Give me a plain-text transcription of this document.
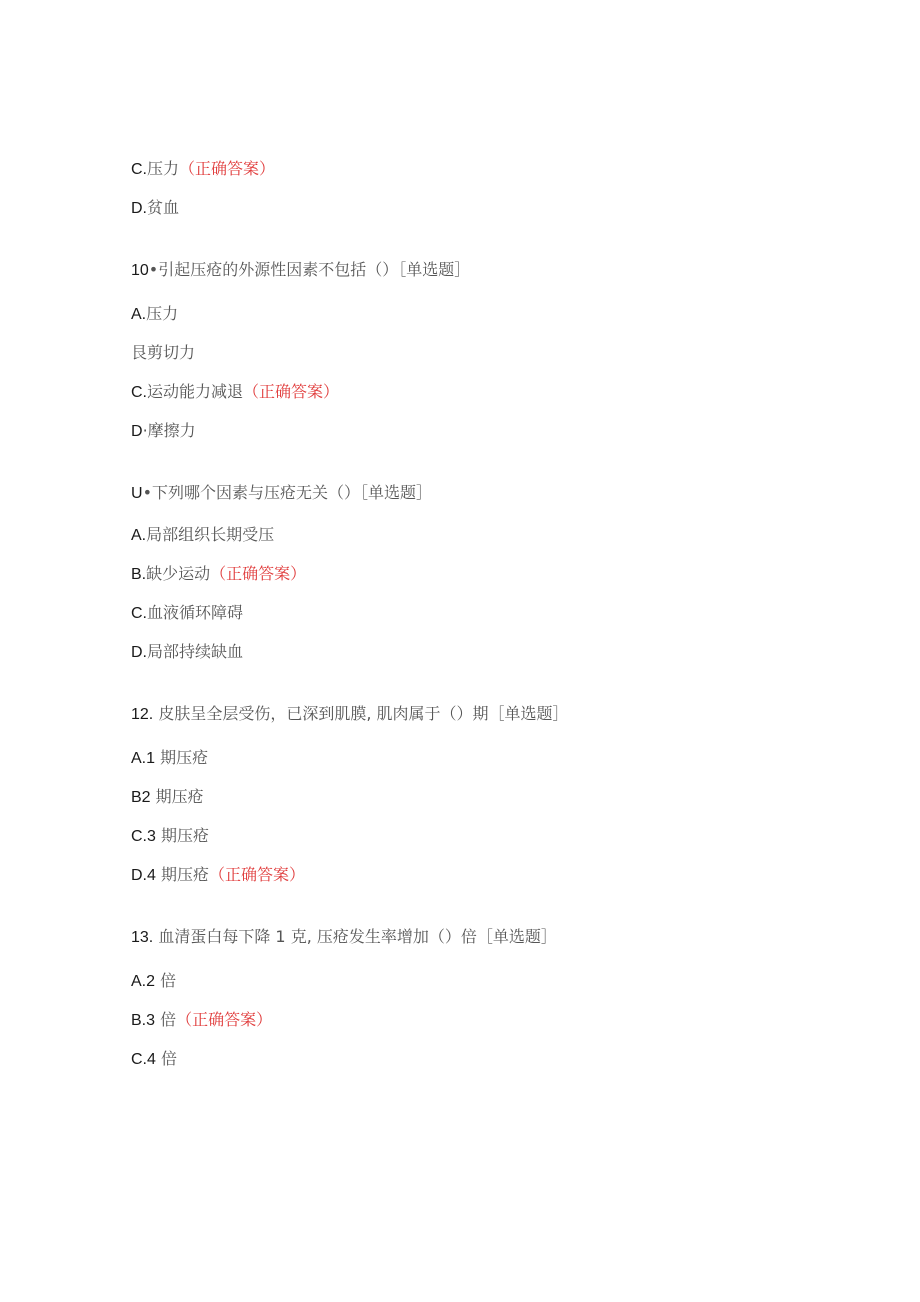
C.压力（正确答案）
D.贫血
10•引起压疮的外源性因素不包括（）［单选题］
A.压力
艮剪切力
C.运动能力减退（正确答案）
D·摩擦力
U•下列哪个因素与压疮无关（）［单选题］
A.局部组织长期受压
B.缺少运动（正确答案）
C.血液循环障碍
D.局部持续缺血
12. 皮肤呈全层受伤，已深到肌膜, 肌肉属于（）期［单选题］
A.1 期压疮
B2 期压疮
C.3 期压疮
D.4 期压疮（正确答案）
13. 血清蛋白每下降 1 克, 压疮发生率增加（）倍［单选题］
A.2 倍
B.3 倍（正确答案）
C.4 倍
